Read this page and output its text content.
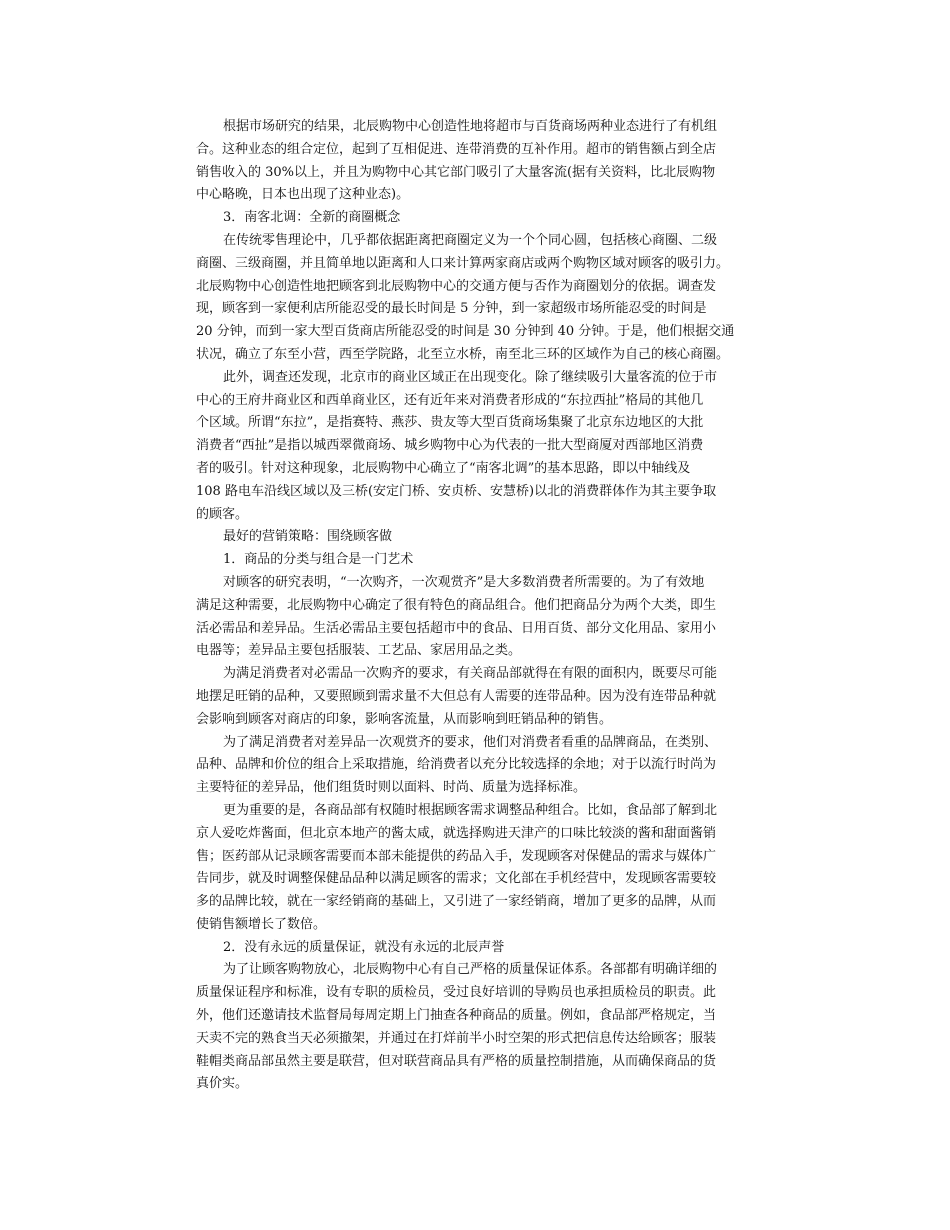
根据市场研究的结果，北辰购物中心创造性地将超市与百货商场两种业态进行了有机组
合。这种业态的组合定位，起到了互相促进、连带消费的互补作用。超市的销售额占到全店
销售收入的 30%以上，并且为购物中心其它部门吸引了大量客流(据有关资料，比北辰购物
中心略晚，日本也出现了这种业态)。
3．南客北调：全新的商圈概念
在传统零售理论中，几乎都依据距离把商圈定义为一个个同心圆，包括核心商圈、二级
商圈、三级商圈，并且简单地以距离和人口来计算两家商店或两个购物区域对顾客的吸引力。
北辰购物中心创造性地把顾客到北辰购物中心的交通方便与否作为商圈划分的依据。调查发
现，顾客到一家便利店所能忍受的最长时间是 5 分钟，到一家超级市场所能忍受的时间是
20 分钟，而到一家大型百货商店所能忍受的时间是 30 分钟到 40 分钟。于是，他们根据交通
状况，确立了东至小营，西至学院路，北至立水桥，南至北三环的区域作为自己的核心商圈。
此外，调查还发现，北京市的商业区域正在出现变化。除了继续吸引大量客流的位于市
中心的王府井商业区和西单商业区，还有近年来对消费者形成的“东拉西扯”格局的其他几
个区域。所谓“东拉”，是指赛特、燕莎、贵友等大型百货商场集聚了北京东边地区的大批
消费者“西扯”是指以城西翠微商场、城乡购物中心为代表的一批大型商厦对西部地区消费
者的吸引。针对这种现象，北辰购物中心确立了“南客北调”的基本思路，即以中轴线及
108 路电车沿线区域以及三桥(安定门桥、安贞桥、安慧桥)以北的消费群体作为其主要争取
的顾客。
最好的营销策略：围绕顾客做
1．商品的分类与组合是一门艺术
对顾客的研究表明，“一次购齐，一次观赏齐”是大多数消费者所需要的。为了有效地
满足这种需要，北辰购物中心确定了很有特色的商品组合。他们把商品分为两个大类，即生
活必需品和差异品。生活必需品主要包括超市中的食品、日用百货、部分文化用品、家用小
电器等；差异品主要包括服装、工艺品、家居用品之类。
为满足消费者对必需品一次购齐的要求，有关商品部就得在有限的面积内，既要尽可能
地摆足旺销的品种，又要照顾到需求量不大但总有人需要的连带品种。因为没有连带品种就
会影响到顾客对商店的印象，影响客流量，从而影响到旺销品种的销售。
为了满足消费者对差异品一次观赏齐的要求，他们对消费者看重的品牌商品，在类别、
品种、品牌和价位的组合上采取措施，给消费者以充分比较选择的余地；对于以流行时尚为
主要特征的差异品，他们组货时则以面料、时尚、质量为选择标准。
更为重要的是，各商品部有权随时根据顾客需求调整品种组合。比如，食品部了解到北
京人爱吃炸酱面，但北京本地产的酱太咸，就选择购进天津产的口味比较淡的酱和甜面酱销
售；医药部从记录顾客需要而本部未能提供的药品入手，发现顾客对保健品的需求与媒体广
告同步，就及时调整保健品品种以满足顾客的需求；文化部在手机经营中，发现顾客需要较
多的品牌比较，就在一家经销商的基础上，又引进了一家经销商，增加了更多的品牌，从而
使销售额增长了数倍。
2．没有永远的质量保证，就没有永远的北辰声誉
为了让顾客购物放心，北辰购物中心有自己严格的质量保证体系。各部都有明确详细的
质量保证程序和标准，设有专职的质检员，受过良好培训的导购员也承担质检员的职责。此
外，他们还邀请技术监督局每周定期上门抽查各种商品的质量。例如，食品部严格规定，当
天卖不完的熟食当天必须撤架，并通过在打烊前半小时空架的形式把信息传达给顾客；服装
鞋帽类商品部虽然主要是联营，但对联营商品具有严格的质量控制措施，从而确保商品的货
真价实。
